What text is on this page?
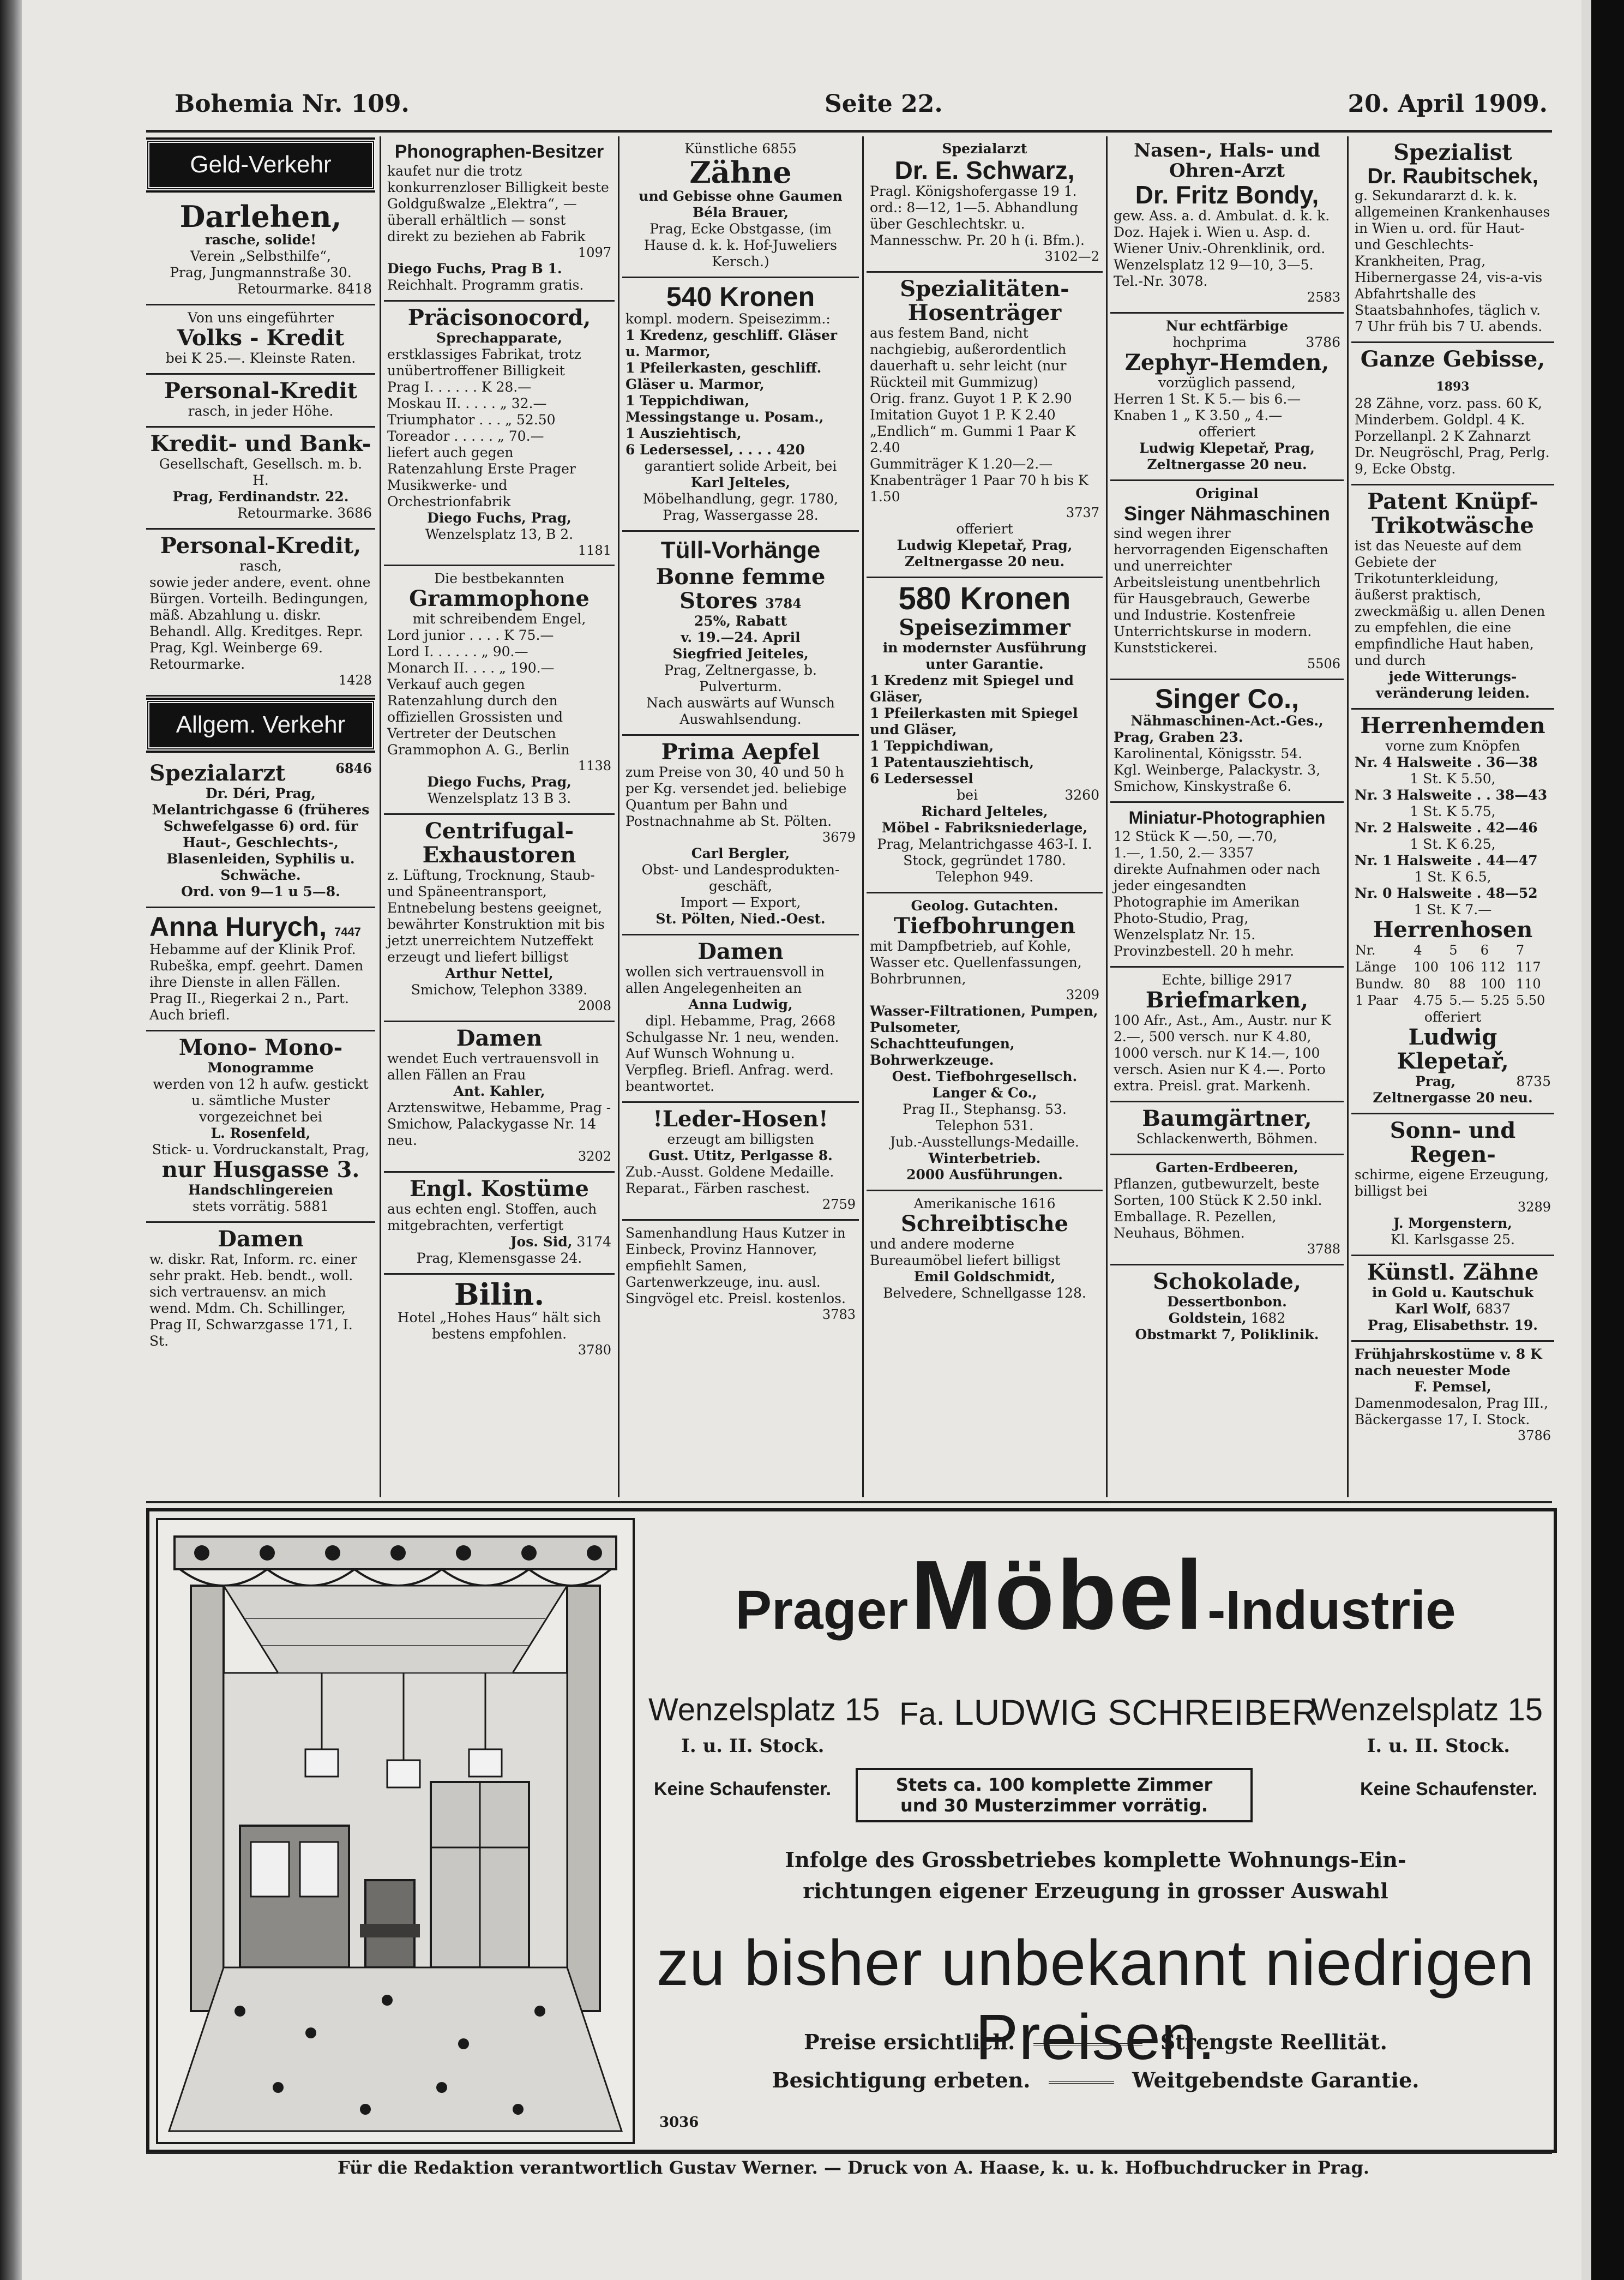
Bohemia Nr. 109.	Seite 22.	20. April 1909.
Geld-Verkehr

Darlehen,

rasche, solide!

Verein „Selbsthilfe“,

Prag, Jungmannstraße 30.

Retourmarke. 8418

Von uns eingeführter

Volks - Kredit

bei K 25.—. Kleinste Raten.

Personal-Kredit

rasch, in jeder Höhe.

Kredit- und Bank-

Gesellschaft, Gesellsch. m. b. H.

Prag, Ferdinandstr. 22.

Retourmarke. 3686

Personal-Kredit,

rasch,

sowie jeder andere, event. ohne Bürgen. Vorteilh. Bedingungen, mäß. Abzahlung u. diskr. Behandl. Allg. Kreditges. Repr. Prag, Kgl. Weinberge 69. Retourmarke.

1428
Allgem. Verkehr

Spezialarzt	6846

Dr. Déri, Prag, Melantrichgasse 6 (früheres Schwefelgasse 6) ord. für Haut-, Geschlechts-, Blasenleiden, Syphilis u. Schwäche.

Ord. von 9—1 u 5—8.

Anna Hurych, 7447

Hebamme auf der Klinik Prof. Rubeška, empf. geehrt. Damen ihre Dienste in allen Fällen. Prag II., Riegerkai 2 n., Part. Auch briefl.

Mono- Mono-

Monogramme

werden von 12 h aufw. gestickt u. sämtliche Muster vorgezeichnet bei

L. Rosenfeld,

Stick- u. Vordruckanstalt, Prag,

nur Husgasse 3.

Handschlingereien

stets vorrätig. 5881

Damen

w. diskr. Rat, Inform. rc. einer sehr prakt. Heb. bendt., woll. sich vertrauensv. an mich wend. Mdm. Ch. Schillinger, Prag II, Schwarzgasse 171, I. St.

Phonographen-Besitzer

kaufet nur die trotz konkurrenzloser Billigkeit beste Goldgußwalze „Elektra“, — überall erhältlich — sonst direkt zu beziehen ab Fabrik

1097

Diego Fuchs, Prag B 1.

Reichhalt. Programm gratis.

Präcisonocord,

Sprechapparate,

erstklassiges Fabrikat, trotz unübertroffener Billigkeit

Prag I. . . . . . K 28.—

Moskau II. . . . . „ 32.—

Triumphator . . . „ 52.50

Toreador . . . . . „ 70.—

liefert auch gegen Ratenzahlung Erste Prager Musikwerke- und Orchestrionfabrik

Diego Fuchs, Prag,

Wenzelsplatz 13, B 2.

1181

Die bestbekannten

Grammophone

mit schreibendem Engel,

Lord junior . . . . K 75.—

Lord I. . . . . . „ 90.—

Monarch II. . . . „ 190.—

Verkauf auch gegen Ratenzahlung durch den offiziellen Grossisten und Vertreter der Deutschen Grammophon A. G., Berlin

1138

Diego Fuchs, Prag,

Wenzelsplatz 13 B 3.

Centrifugal-Exhaustoren

z. Lüftung, Trocknung, Staub- und Späneentransport, Entnebelung bestens geeignet, bewährter Konstruktion mit bis jetzt unerreichtem Nutzeffekt erzeugt und liefert billigst

Arthur Nettel,

Smichow, Telephon 3389.

2008

Damen

wendet Euch vertrauensvoll in allen Fällen an Frau

Ant. Kahler,

Arztenswitwe, Hebamme, Prag - Smichow, Palackygasse Nr. 14 neu.

3202

Engl. Kostüme

aus echten engl. Stoffen, auch mitgebrachten, verfertigt

Jos. Sid, 3174

Prag, Klemensgasse 24.

Bilin.

Hotel „Hohes Haus“ hält sich bestens empfohlen.

3780

Künstliche 6855

Zähne

und Gebisse ohne Gaumen

Béla Brauer,

Prag, Ecke Obstgasse, (im Hause d. k. k. Hof-Juweliers Kersch.)

540 Kronen

kompl. modern. Speisezimm.:

1 Kredenz, geschliff. Gläser u. Marmor,

1 Pfeilerkasten, geschliff. Gläser u. Marmor,

1 Teppichdiwan, Messingstange u. Posam.,

1 Ausziehtisch,

6 Ledersessel, . . . . 420

garantiert solide Arbeit, bei

Karl Jelteles,

Möbelhandlung, gegr. 1780, Prag, Wassergasse 28.

Tüll-Vorhänge

Bonne femme

Stores 3784

25%, Rabatt

v. 19.—24. April

Siegfried Jeiteles,

Prag, Zeltnergasse, b. Pulverturm.

Nach auswärts auf Wunsch Auswahlsendung.

Prima Aepfel

zum Preise von 30, 40 und 50 h per Kg. versendet jed. beliebige Quantum per Bahn und Postnachnahme ab St. Pölten.

3679

Carl Bergler,

Obst- und Landesprodukten-geschäft,

Import — Export,

St. Pölten, Nied.-Oest.

Damen

wollen sich vertrauensvoll in allen Angelegenheiten an

Anna Ludwig,

dipl. Hebamme, Prag, 2668

Schulgasse Nr. 1 neu, wenden. Auf Wunsch Wohnung u. Verpfleg. Briefl. Anfrag. werd. beantwortet.

!Leder-Hosen!

erzeugt am billigsten

Gust. Utitz, Perlgasse 8.

Zub.-Ausst. Goldene Medaille. Reparat., Färben raschest.

2759

Samenhandlung Haus Kutzer in Einbeck, Provinz Hannover, empfiehlt Samen, Gartenwerkzeuge, inu. ausl. Singvögel etc. Preisl. kostenlos.

3783

Spezialarzt

Dr. E. Schwarz,

Pragl. Königshofergasse 19 1. ord.: 8—12, 1—5. Abhandlung über Geschlechtskr. u. Mannesschw. Pr. 20 h (i. Bfm.).

3102—2

Spezialitäten-

Hosenträger

aus festem Band, nicht nachgiebig, außerordentlich dauerhaft u. sehr leicht (nur Rückteil mit Gummizug)

Orig. franz. Guyot 1 P. K 2.90

Imitation Guyot 1 P. K 2.40

„Endlich“ m. Gummi 1 Paar K 2.40

Gummiträger K 1.20—2.—

Knabenträger 1 Paar 70 h bis K 1.50

3737

offeriert

Ludwig Klepetař, Prag,

Zeltnergasse 20 neu.

580 Kronen

Speisezimmer

in modernster Ausführung unter Garantie.

1 Kredenz mit Spiegel und Gläser,

1 Pfeilerkasten mit Spiegel und Gläser,

1 Teppichdiwan,

1 Patentausziehtisch,

6 Ledersessel

bei	3260

Richard Jelteles,

Möbel - Fabriksniederlage,

Prag, Melantrichgasse 463-I. I. Stock, gegründet 1780. Telephon 949.

Geolog. Gutachten.

Tiefbohrungen

mit Dampfbetrieb, auf Kohle, Wasser etc. Quellenfassungen, Bohrbrunnen,

3209

Wasser-Filtrationen, Pumpen, Pulsometer, Schachtteufungen, Bohrwerkzeuge.

Oest. Tiefbohrgesellsch. Langer & Co.,

Prag II., Stephansg. 53. Telephon 531.

Jub.-Ausstellungs-Medaille.

Winterbetrieb.

2000 Ausführungen.

Amerikanische 1616

Schreibtische

und andere moderne Bureaumöbel liefert billigst

Emil Goldschmidt,

Belvedere, Schnellgasse 128.

Nasen-, Hals- und

Ohren-Arzt

Dr. Fritz Bondy,

gew. Ass. a. d. Ambulat. d. k. k. Doz. Hajek i. Wien u. Asp. d. Wiener Univ.-Ohrenklinik, ord. Wenzelsplatz 12 9—10, 3—5. Tel.-Nr. 3078.

2583

Nur echtfärbige

hochprima	3786

Zephyr-Hemden,

vorzüglich passend,

Herren 1 St. K 5.— bis 6.—

Knaben 1 „ K 3.50 „ 4.—

offeriert

Ludwig Klepetař, Prag,

Zeltnergasse 20 neu.

Original

Singer Nähmaschinen

sind wegen ihrer hervorragenden Eigenschaften und unerreichter Arbeitsleistung unentbehrlich für Hausgebrauch, Gewerbe und Industrie. Kostenfreie Unterrichtskurse in modern. Kunststickerei.

5506

Singer Co.,

Nähmaschinen-Act.-Ges.,

Prag, Graben 23.

Karolinental, Königsstr. 54.

Kgl. Weinberge, Palackystr. 3,

Smichow, Kinskystraße 6.

Miniatur-Photographien

12 Stück K —.50, —.70,

1.—, 1.50, 2.— 3357

direkte Aufnahmen oder nach jeder eingesandten Photographie im Amerikan Photo-Studio, Prag, Wenzelsplatz Nr. 15.

Provinzbestell. 20 h mehr.

Echte, billige 2917

Briefmarken,

100 Afr., Ast., Am., Austr. nur K 2.—, 500 versch. nur K 4.80, 1000 versch. nur K 14.—, 100 versch. Asien nur K 4.—. Porto extra. Preisl. grat. Markenh.

Baumgärtner,

Schlackenwerth, Böhmen.

Garten-Erdbeeren,

Pflanzen, gutbewurzelt, beste Sorten, 100 Stück K 2.50 inkl. Emballage. R. Pezellen, Neuhaus, Böhmen.

3788

Schokolade,

Dessertbonbon.

Goldstein, 1682

Obstmarkt 7, Poliklinik.

Spezialist

Dr. Raubitschek,

g. Sekundararzt d. k. k. allgemeinen Krankenhauses in Wien u. ord. für Haut- und Geschlechts-Krankheiten, Prag, Hibernergasse 24, vis-a-vis Abfahrtshalle des Staatsbahnhofes, täglich v. 7 Uhr früh bis 7 U. abends.

Ganze Gebisse, 1893

28 Zähne, vorz. pass. 60 K, Minderbem. Goldpl. 4 K. Porzellanpl. 2 K Zahnarzt Dr. Neugröschl, Prag, Perlg. 9, Ecke Obstg.

Patent Knüpf-Trikotwäsche

ist das Neueste auf dem Gebiete der Trikotunterkleidung, äußerst praktisch, zweckmäßig u. allen Denen zu empfehlen, die eine empfindliche Haut haben, und durch

jede Witterungs-veränderung leiden.

Herrenhemden

vorne zum Knöpfen

Nr. 4 Halsweite . 36—38

1 St. K 5.50,

Nr. 3 Halsweite . . 38—43

1 St. K 5.75,

Nr. 2 Halsweite . 42—46

1 St. K 6.25,

Nr. 1 Halsweite . 44—47

1 St. K 6.5,

Nr. 0 Halsweite . 48—52

1 St. K 7.—

Herrenhosen

Nr.	4	5	6	7
Länge	100	106	112	117
Bundw.	80	88	100	110
1 Paar	4.75	5.—	5.25	5.50

offeriert

Ludwig Klepetař,

Prag,	8735

Zeltnergasse 20 neu.

Sonn- und Regen-

schirme, eigene Erzeugung, billigst bei

3289

J. Morgenstern,

Kl. Karlsgasse 25.

Künstl. Zähne

in Gold u. Kautschuk

Karl Wolf, 6837

Prag, Elisabethstr. 19.

Frühjahrskostüme v. 8 K nach neuester Mode

F. Pemsel,

Damenmodesalon, Prag III., Bäckergasse 17, I. Stock.

3786
Prager Möbel -Industrie
Wenzelsplatz 15 Fa. LUDWIG SCHREIBER
Wenzelsplatz 15
I. u. II. Stock.	I. u. II. Stock.
Keine Schaufenster.	Stets ca. 100 komplette Zimmer
und 30 Musterzimmer vorrätig.
Keine Schaufenster.
Infolge des Grossbetriebes komplette Wohnungs-Ein-
richtungen eigener Erzeugung in grosser Auswahl
zu bisher unbekannt niedrigen Preisen.
Preise ersichtlich.	Strengste Reellität.
Besichtigung erbeten.	Weitgebendste Garantie.
3036
Für die Redaktion verantwortlich Gustav Werner. — Druck von A. Haase, k. u. k. Hofbuchdrucker in Prag.
